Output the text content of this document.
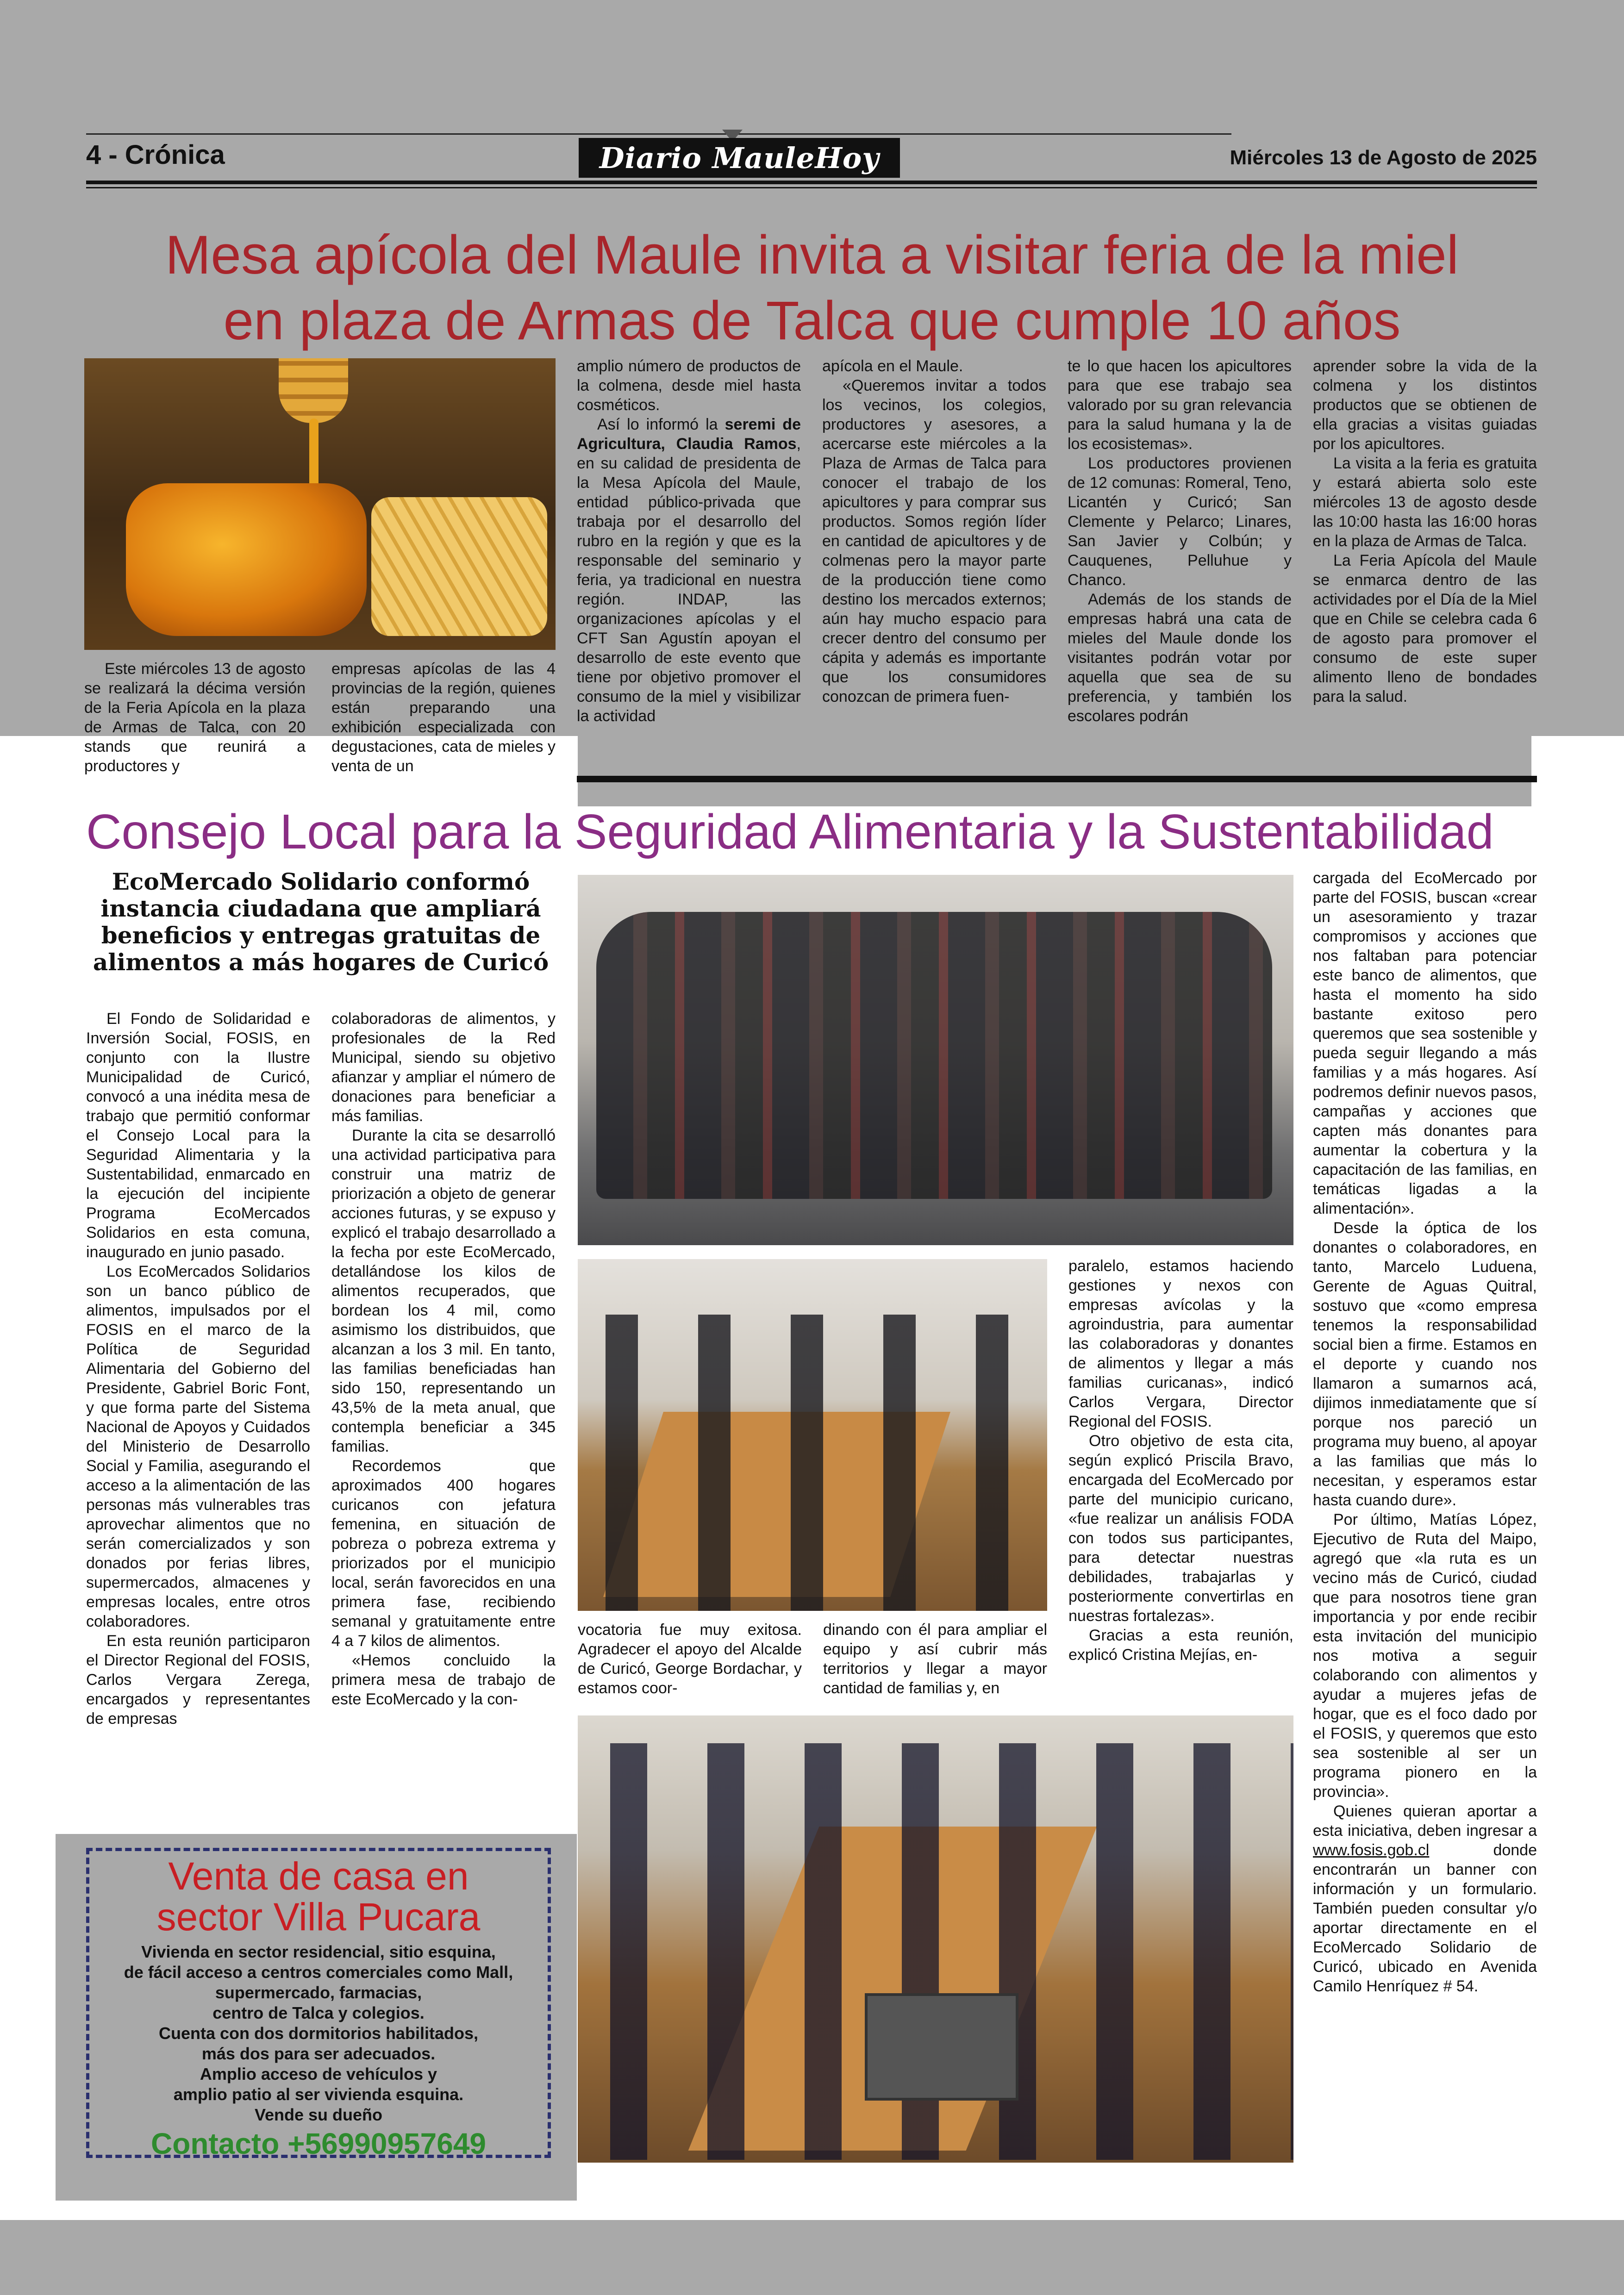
4 - Crónica	Diario MauleHoy	Miércoles 13 de Agosto de 2025
Mesa apícola del Maule invita a visitar feria de la miel
en plaza de Armas de Talca que cumple 10 años

Este miércoles 13 de agosto se realizará la décima versión de la Feria Apícola en la plaza de Armas de Talca, con 20 stands que reunirá a productores y

empresas apícolas de las 4 provincias de la región, quienes están preparando una exhibición especializada con degustaciones, cata de mieles y venta de un

amplio número de productos de la colmena, desde miel hasta cosméticos.

Así lo informó la seremi de Agricultura, Claudia Ramos, en su calidad de presidenta de la Mesa Apícola del Maule, entidad público-privada que trabaja por el desarrollo del rubro en la región y que es la responsable del seminario y feria, ya tradicional en nuestra región. INDAP, las organizaciones apícolas y el CFT San Agustín apoyan el desarrollo de este evento que tiene por objetivo promover el consumo de la miel y visibilizar la actividad

apícola en el Maule.

«Queremos invitar a todos los vecinos, los colegios, productores y asesores, a acercarse este miércoles a la Plaza de Armas de Talca para conocer el trabajo de los apicultores y para comprar sus productos. Somos región líder en cantidad de apicultores y de colmenas pero la mayor parte de la producción tiene como destino los mercados externos; aún hay mucho espacio para crecer dentro del consumo per cápita y además es importante que los consumidores conozcan de primera fuen-

te lo que hacen los apicultores para que ese trabajo sea valorado por su gran relevancia para la salud humana y la de los ecosistemas».

Los productores provienen de 12 comunas: Romeral, Teno, Licantén y Curicó; San Clemente y Pelarco; Linares, San Javier y Colbún; y Cauquenes, Pelluhue y Chanco.

Además de los stands de empresas habrá una cata de mieles del Maule donde los visitantes podrán votar por aquella que sea de su preferencia, y también los escolares podrán

aprender sobre la vida de la colmena y los distintos productos que se obtienen de ella gracias a visitas guiadas por los apicultores.

La visita a la feria es gratuita y estará abierta solo este miércoles 13 de agosto desde las 10:00 hasta las 16:00 horas en la plaza de Armas de Talca.

La Feria Apícola del Maule se enmarca dentro de las actividades por el Día de la Miel que en Chile se celebra cada 6 de agosto para promover el consumo de este super alimento lleno de bondades para la salud.

Consejo Local para la Seguridad Alimentaria y la Sustentabilidad
EcoMercado Solidario conformó instancia ciudadana que ampliará beneficios y entregas gratuitas de alimentos a más hogares de Curicó

El Fondo de Solidaridad e Inversión Social, FOSIS, en conjunto con la Ilustre Municipalidad de Curicó, convocó a una inédita mesa de trabajo que permitió conformar el Consejo Local para la Seguridad Alimentaria y la Sustentabilidad, enmarcado en la ejecución del incipiente Programa EcoMercados Solidarios en esta comuna, inaugurado en junio pasado.

Los EcoMercados Solidarios son un banco público de alimentos, impulsados por el FOSIS en el marco de la Política de Seguridad Alimentaria del Gobierno del Presidente, Gabriel Boric Font, y que forma parte del Sistema Nacional de Apoyos y Cuidados del Ministerio de Desarrollo Social y Familia, asegurando el acceso a la alimentación de las personas más vulnerables tras aprovechar alimentos que no serán comercializados y son donados por ferias libres, supermercados, almacenes y empresas locales, entre otros colaboradores.

En esta reunión participaron el Director Regional del FOSIS, Carlos Vergara Zerega, encargados y representantes de empresas

colaboradoras de alimentos, y profesionales de la Red Municipal, siendo su objetivo afianzar y ampliar el número de donaciones para beneficiar a más familias.

Durante la cita se desarrolló una actividad participativa para construir una matriz de priorización a objeto de generar acciones futuras, y se expuso y explicó el trabajo desarrollado a la fecha por este EcoMercado, detallándose los kilos de alimentos recuperados, que bordean los 4 mil, como asimismo los distribuidos, que alcanzan a los 3 mil. En tanto, las familias beneficiadas han sido 150, representando un 43,5% de la meta anual, que contempla beneficiar a 345 familias.

Recordemos que aproximados 400 hogares curicanos con jefatura femenina, en situación de pobreza o pobreza extrema y priorizados por el municipio local, serán favorecidos en una primera fase, recibiendo semanal y gratuitamente entre 4 a 7 kilos de alimentos.

«Hemos concluido la primera mesa de trabajo de este EcoMercado y la con-

vocatoria fue muy exitosa. Agradecer el apoyo del Alcalde de Curicó, George Bordachar, y estamos coor-

dinando con él para ampliar el equipo y así cubrir más territorios y llegar a mayor cantidad de familias y, en

paralelo, estamos haciendo gestiones y nexos con empresas avícolas y la agroindustria, para aumentar las colaboradoras y donantes de alimentos y llegar a más familias curicanas», indicó Carlos Vergara, Director Regional del FOSIS.

Otro objetivo de esta cita, según explicó Priscila Bravo, encargada del EcoMercado por parte del municipio curicano, «fue realizar un análisis FODA con todos sus participantes, para detectar nuestras debilidades, trabajarlas y posteriormente convertirlas en nuestras fortalezas».

Gracias a esta reunión, explicó Cristina Mejías, en-

cargada del EcoMercado por parte del FOSIS, buscan «crear un asesoramiento y trazar compromisos y acciones que nos faltaban para potenciar este banco de alimentos, que hasta el momento ha sido bastante exitoso pero queremos que sea sostenible y pueda seguir llegando a más familias y a más hogares. Así podremos definir nuevos pasos, campañas y acciones que capten más donantes para aumentar la cobertura y la capacitación de las familias, en temáticas ligadas a la alimentación».

Desde la óptica de los donantes o colaboradores, en tanto, Marcelo Luduena, Gerente de Aguas Quitral, sostuvo que «como empresa tenemos la responsabilidad social bien a firme. Estamos en el deporte y cuando nos llamaron a sumarnos acá, dijimos inmediatamente que sí porque nos pareció un programa muy bueno, al apoyar a las familias que más lo necesitan, y esperamos estar hasta cuando dure».

Por último, Matías López, Ejecutivo de Ruta del Maipo, agregó que «la ruta es un vecino más de Curicó, ciudad que para nosotros tiene gran importancia y por ende recibir esta invitación del municipio nos motiva a seguir colaborando con alimentos y ayudar a mujeres jefas de hogar, que es el foco dado por el FOSIS, y queremos que esto sea sostenible al ser un programa pionero en la provincia».

Quienes quieran aportar a esta iniciativa, deben ingresar a www.fosis.gob.cl donde encontrarán un banner con información y un formulario. También pueden consultar y/o aportar directamente en el EcoMercado Solidario de Curicó, ubicado en Avenida Camilo Henríquez # 54.

Venta de casa en
sector Villa Pucara
Vivienda en sector residencial, sitio esquina,
de fácil acceso a centros comerciales como Mall,
supermercado, farmacias,
centro de Talca y colegios.
Cuenta con dos dormitorios habilitados,
más dos para ser adecuados.
Amplio acceso de vehículos y
amplio patio al ser vivienda esquina.
Vende su dueño
Contacto +56990957649
